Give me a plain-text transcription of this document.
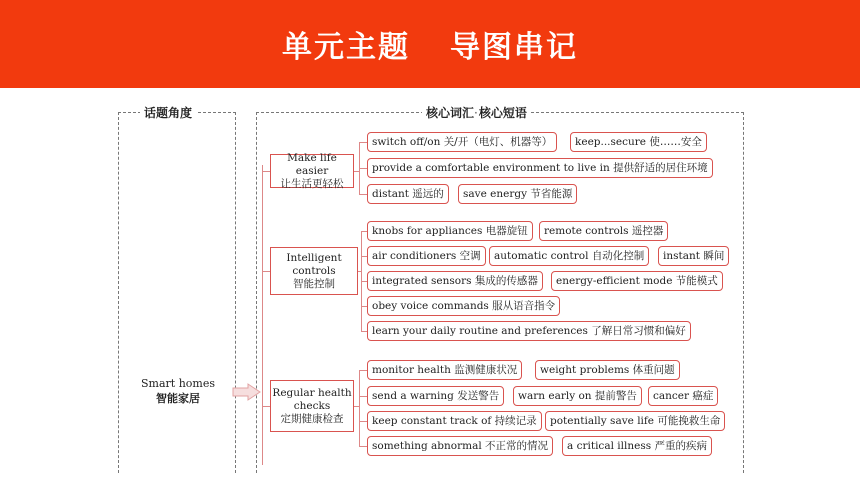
单元主题 导图串记
话题角度	核心词汇·核心短语
Smart homes
智能家居
Make life easier
让生活更轻松
switch off/on 关/开（电灯、机器等）	keep...secure 使……安全
provide a comfortable environment to live in 提供舒适的居住环境
distant 遥远的	save energy 节省能源
Intelligent controls
智能控制
knobs for appliances 电器旋钮	remote controls 遥控器
air conditioners 空调	automatic control 自动化控制	instant 瞬间
integrated sensors 集成的传感器	energy-efficient mode 节能模式
obey voice commands 服从语音指令
learn your daily routine and preferences 了解日常习惯和偏好
Regular health checks
定期健康检查
monitor health 监测健康状况	weight problems 体重问题
send a warning 发送警告	warn early on 提前警告	cancer 癌症
keep constant track of 持续记录	potentially save life 可能挽救生命
something abnormal 不正常的情况	a critical illness 严重的疾病
